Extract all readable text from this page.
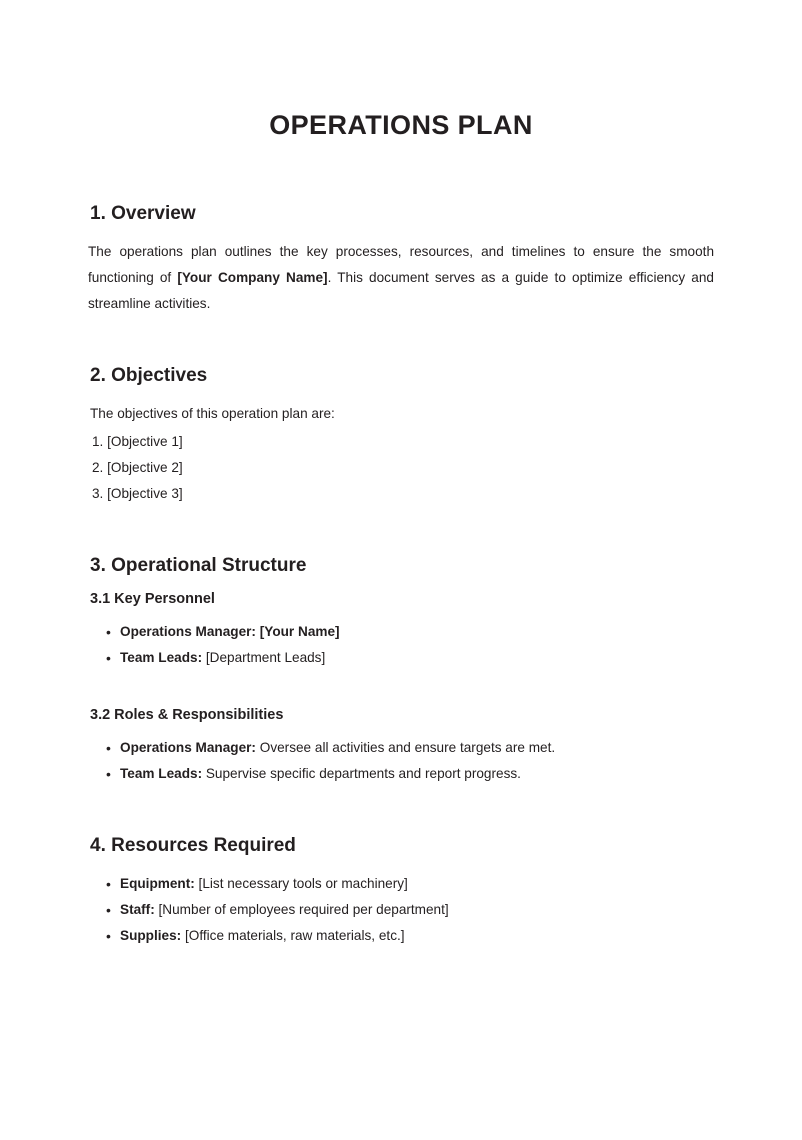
OPERATIONS PLAN
1. Overview

The operations plan outlines the key processes, resources, and timelines to ensure the smooth functioning of [Your Company Name]. This document serves as a guide to optimize efficiency and streamline activities.

2. Objectives

The objectives of this operation plan are:

1. [Objective 1]
2. [Objective 2]
3. [Objective 3]
3. Operational Structure
3.1 Key Personnel
• Operations Manager: [Your Name]
• Team Leads: [Department Leads]
3.2 Roles & Responsibilities
• Operations Manager: Oversee all activities and ensure targets are met.
• Team Leads: Supervise specific departments and report progress.
4. Resources Required
• Equipment: [List necessary tools or machinery]
• Staff: [Number of employees required per department]
• Supplies: [Office materials, raw materials, etc.]
